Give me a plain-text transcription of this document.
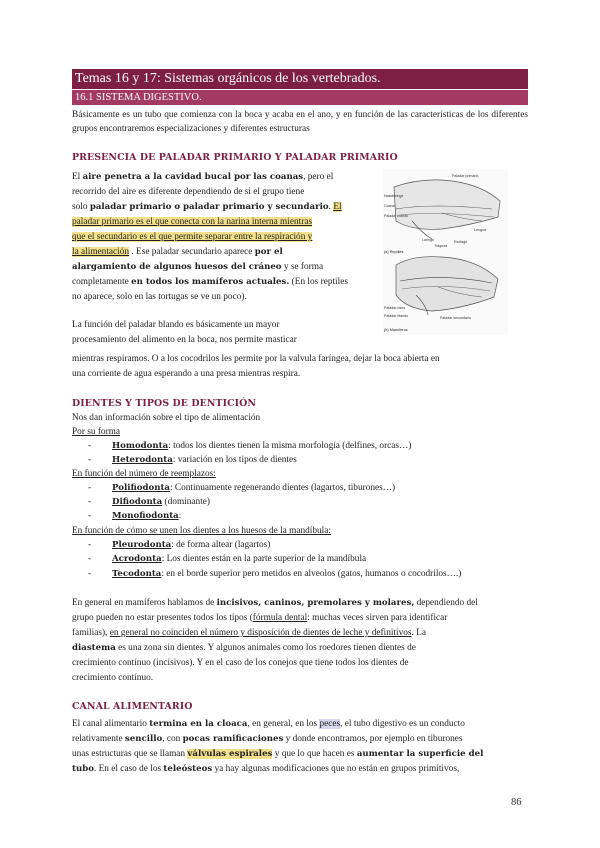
Temas 16 y 17: Sistemas orgánicos de los vertebrados.
16.1 SISTEMA DIGESTIVO.
Básicamente es un tubo que comienza con la boca y acaba en el ano, y en función de las características de los diferentes grupos encontraremos especializaciones y diferentes estructuras
PRESENCIA DE PALADAR PRIMARIO Y PALADAR PRIMARIO
El aire penetra a la cavidad bucal por las coanas, pero el
recorrido del aire es diferente dependiendo de si el grupo tiene
solo paladar primario o paladar primario y secundario. El
paladar primario es el que conecta con la narina interna mientras
que el secundario es el que permite separar entre la respiración y
la alimentación . Ese paladar secundario aparece por el
alargamiento de algunos huesos del cráneo y se forma
completamente en todos los mamíferos actuales. (En los reptiles
no aparece, solo en las tortugas se ve un poco).
La función del paladar blando es básicamente un mayor
procesamiento del alimento en la boca, nos permite masticar
mientras respiramos. O a los cocodrilos les permite por la valvula faríngea, dejar la boca abierta en
una corriente de agua esperando a una presa mientras respira.
Paladar primario
Nasofaringe
Coana
Paladar blando
Laringe
Lengua
Tráquea
Esófago
(a) Reptiles
Paladar óseo
Paladar blando	Paladar secundario
(b) Mamíferos
DIENTES Y TIPOS DE DENTICIÓN
Nos dan información sobre el tipo de alimentación
Por su forma
- Homodonta: todos los dientes tienen la misma morfología (delfines, orcas…)
- Heterodonta: variación en los tipos de dientes
En función del número de reemplazos:
- Polifiodonta: Continuamente regenerando dientes (lagartos, tiburones…)
- Difiodonta (dominante)
- Monofiodonta:
En función de cómo se unen los dientes a los huesos de la mandíbula:
- Pleurodonta: de forma altear (lagartos)
- Acrodonta: Los dientes están en la parte superior de la mandíbula
- Tecodonta: en el borde superior pero metidos en alveolos (gatos, humanos o cocodrilos….)
En general en mamíferos hablamos de incisivos, caninos, premolares y molares, dependiendo del
grupo pueden no estar presentes todos los tipos (fórmula dental: muchas veces sirven para identificar
familias), en general no coinciden el número y disposición de dientes de leche y definitivos. La
diastema es una zona sin dientes. Y algunos animales como los roedores tienen dientes de
crecimiento contínuo (incisivos). Y en el caso de los conejos que tiene todos los dientes de
crecimiento contínuo.
CANAL ALIMENTARIO
El canal alimentario termina en la cloaca, en general, en los peces, el tubo digestivo es un conducto
relativamente sencillo, con pocas ramificaciones y donde encontramos, por ejemplo en tiburones
unas estructuras que se llaman válvulas espirales y que lo que hacen es aumentar la superficie del
tubo. En el caso de los teleósteos ya hay algunas modificaciones que no están en grupos primitivos,
86
